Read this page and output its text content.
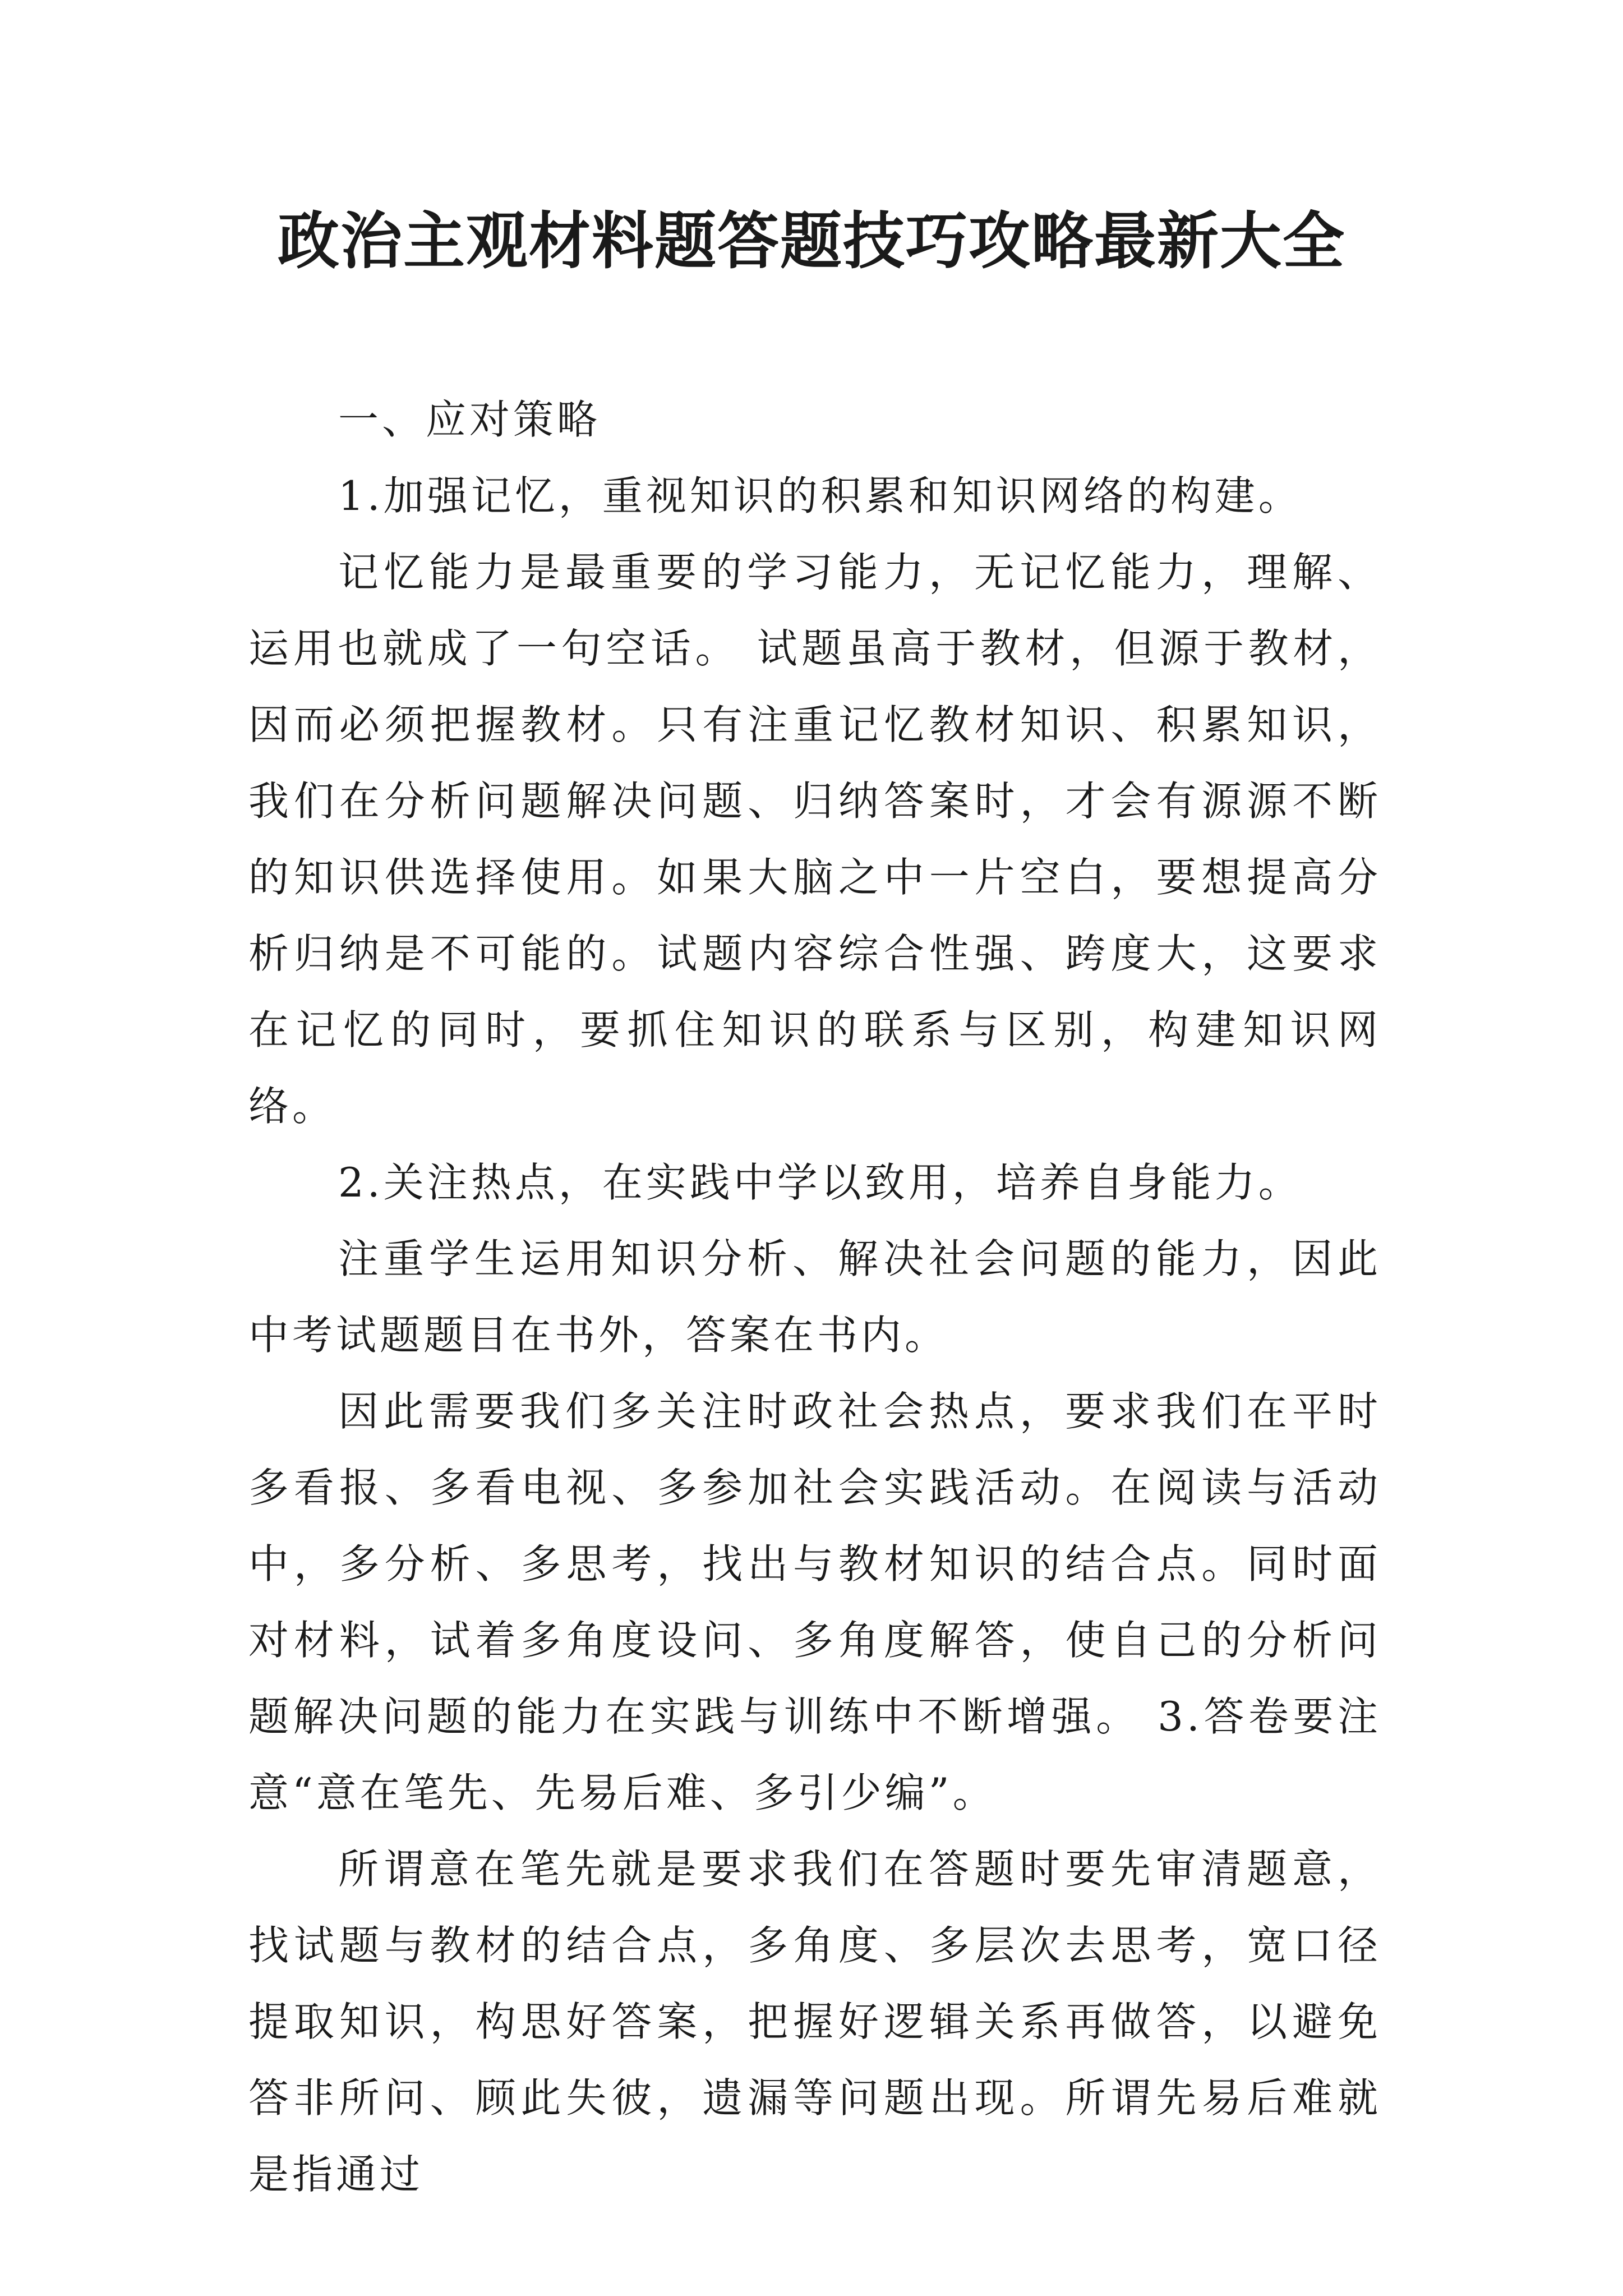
政治主观材料题答题技巧攻略最新大全

一、应对策略

1.加强记忆，重视知识的积累和知识网络的构建。

记忆能力是最重要的学习能力，无记忆能力，理解、运用也就成了一句空话。 试题虽高于教材，但源于教材，因而必须把握教材。只有注重记忆教材知识、积累知识，我们在分析问题解决问题、归纳答案时，才会有源源不断的知识供选择使用。如果大脑之中一片空白，要想提高分析归纳是不可能的。试题内容综合性强、跨度大，这要求在记忆的同时，要抓住知识的联系与区别，构建知识网络。

2.关注热点，在实践中学以致用，培养自身能力。

注重学生运用知识分析、解决社会问题的能力，因此中考试题题目在书外，答案在书内。

因此需要我们多关注时政社会热点，要求我们在平时多看报、多看电视、多参加社会实践活动。在阅读与活动中，多分析、多思考，找出与教材知识的结合点。同时面对材料，试着多角度设问、多角度解答，使自己的分析问题解决问题的能力在实践与训练中不断增强。 3.答卷要注意“意在笔先、先易后难、多引少编”。

所谓意在笔先就是要求我们在答题时要先审清题意，找试题与教材的结合点，多角度、多层次去思考，宽口径提取知识，构思好答案，把握好逻辑关系再做答，以避免答非所问、顾此失彼，遗漏等问题出现。所谓先易后难就是指通过
